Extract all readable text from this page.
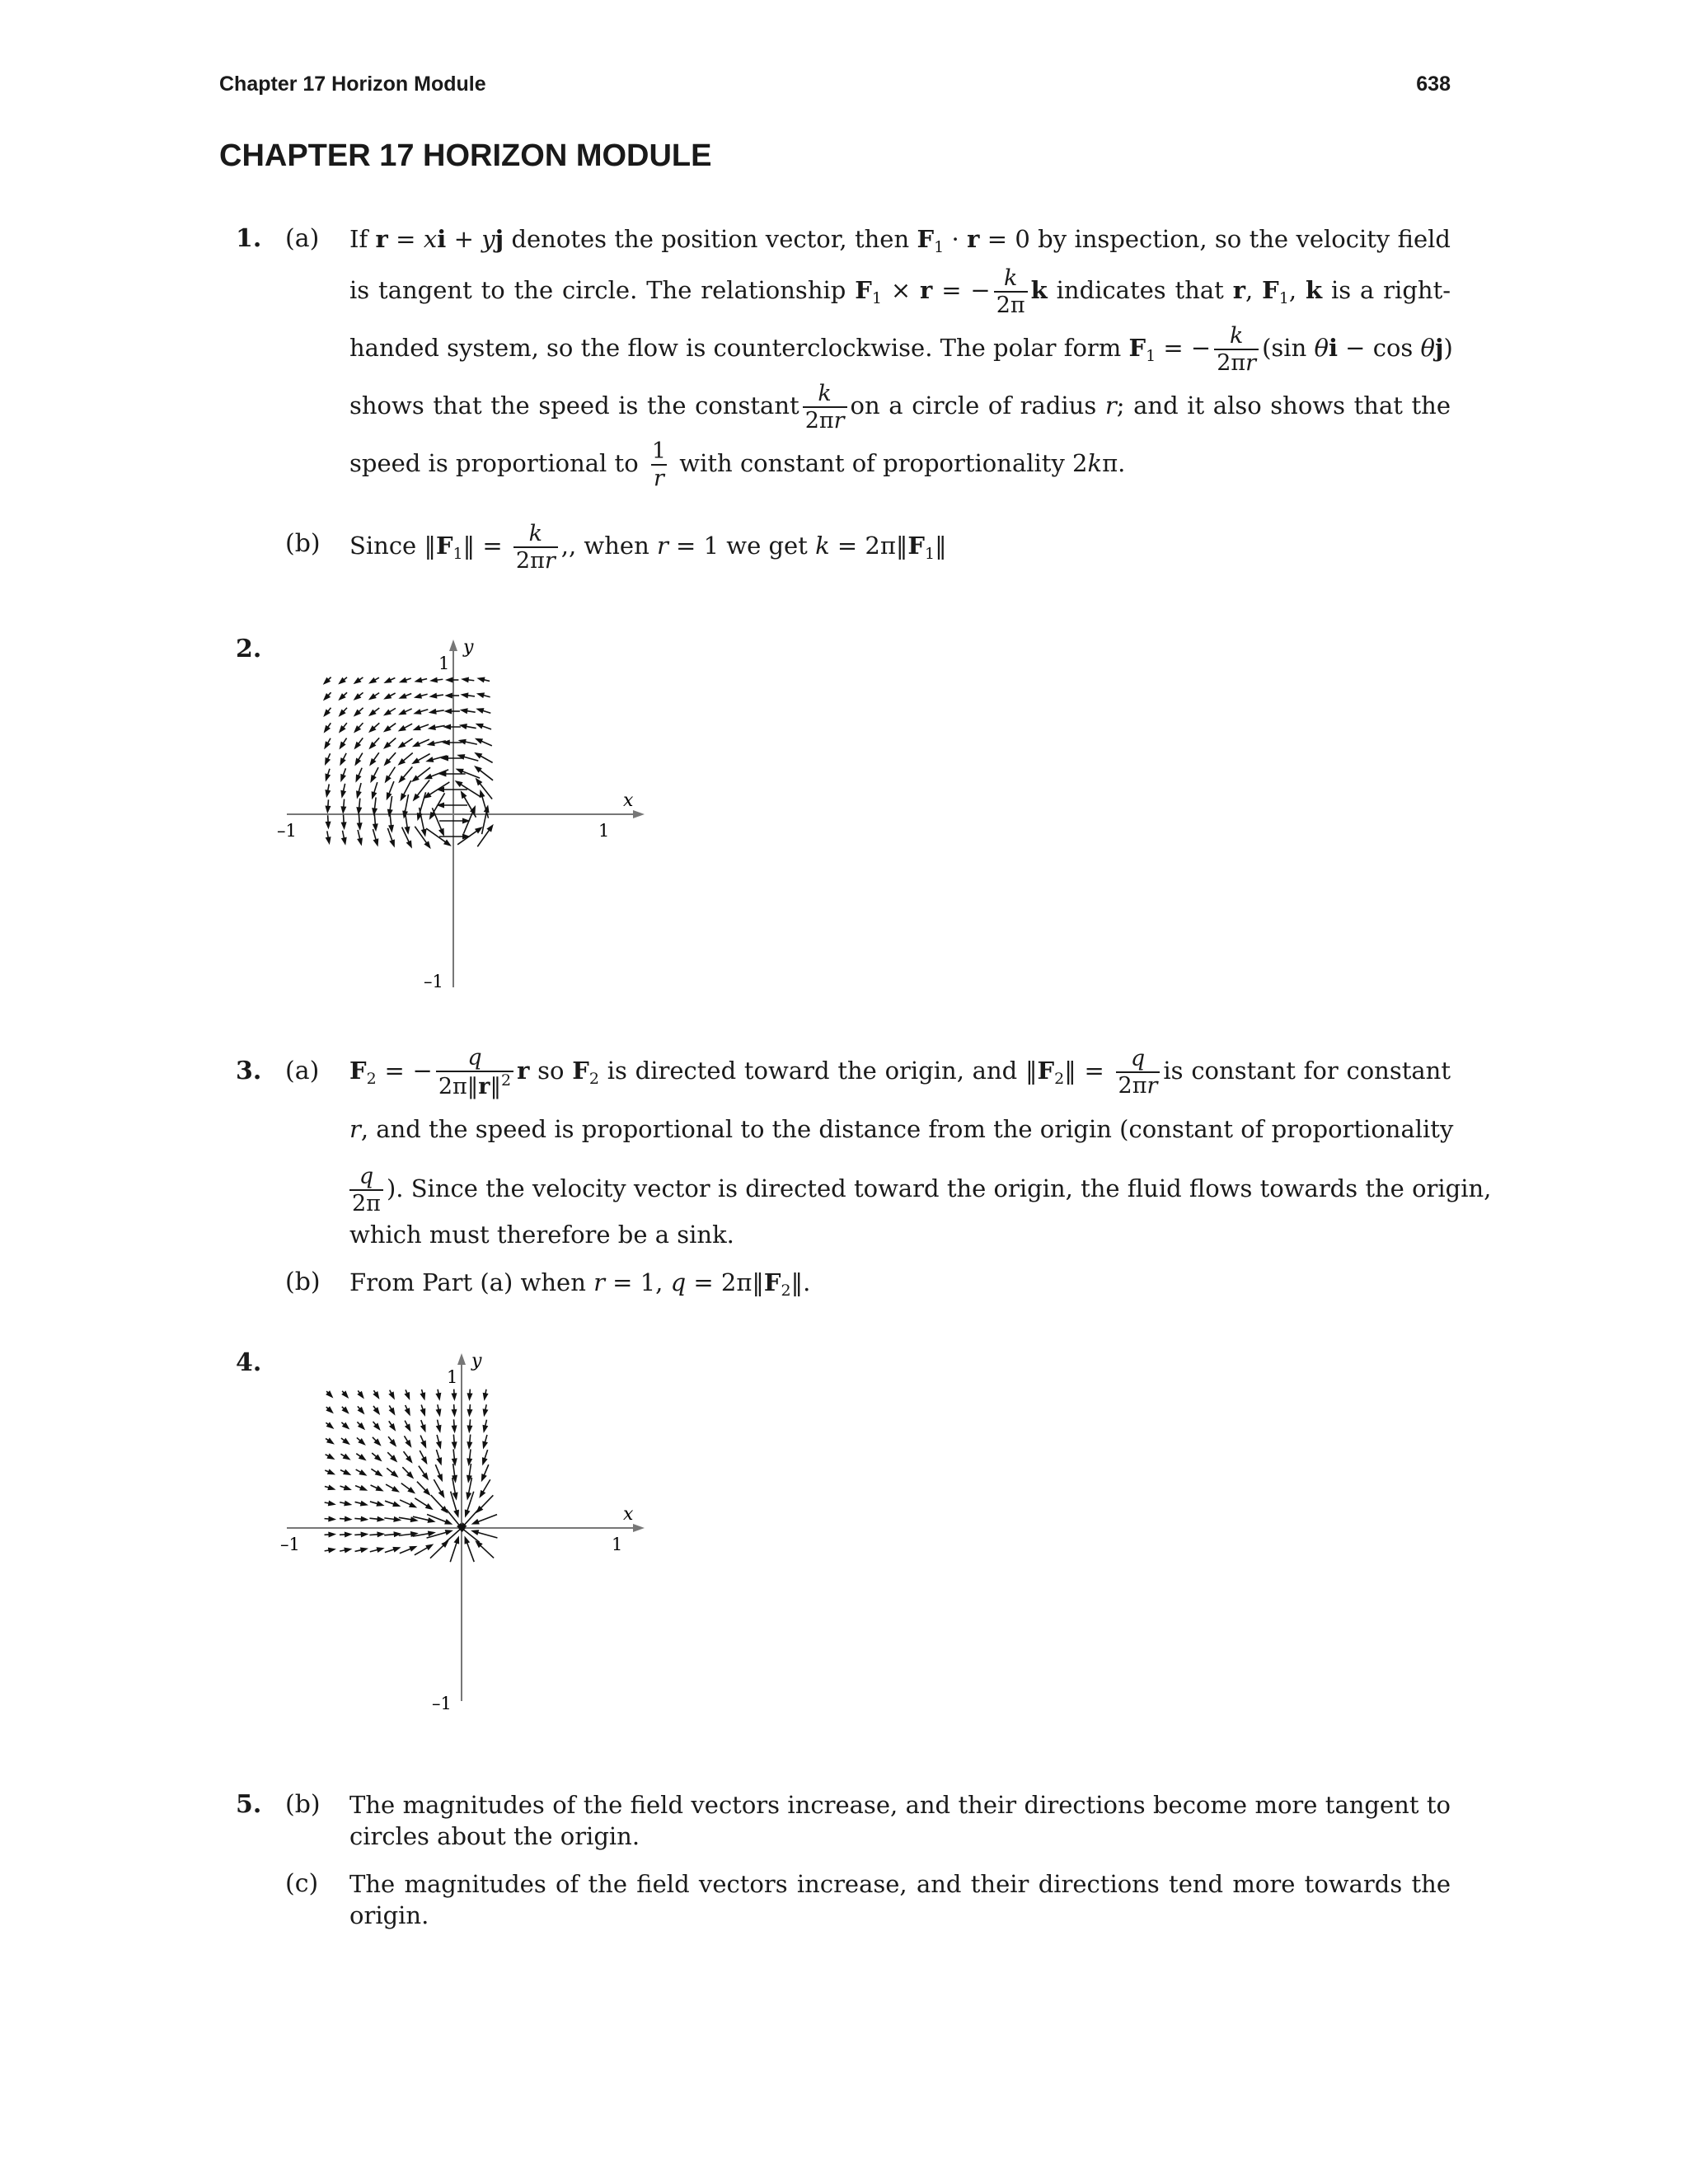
Chapter 17 Horizon Module	638
CHAPTER 17 HORIZON MODULE
1. (a) If r = xi + yj denotes the position vector, then $F_1 \cdot r = 0$ by inspection, so the velocity field
is tangent to the circle. The relationship $F_1 \times r$ = − $\frac{k}{2\pi}$ k indicates that r, $F_1$, k is a right-
handed system, so the flow is counterclockwise. The polar form $F_1$ = − $\frac{k}{2\pi r} (\sin$ θi − cos θj)
shows that the speed is the constant $\frac{k}{2\pi r}$ on a circle of radius r; and it also shows that the
speed is proportional to $\frac{1}{r}$ with constant of proportionality 2kπ.
(b) Since $‖F_1‖ = \frac{k}{2\pi r}$ ,, when r = 1 we get $k = 2\pi‖F_1‖$
2.	y
x
1
1
–1
–1
3. (a) $F_2$ = − $\frac{q}{2\pi‖r‖^2}$ r so $F_2$ is directed toward the origin, and $‖F_2‖ = \frac{q}{2\pi r}$ is constant for constant
r, and the speed is proportional to the distance from the origin (constant of proportionality
$\frac{q}{2\pi}$ ). Since the velocity vector is directed toward the origin, the fluid flows towards the origin,
which must therefore be a sink.
(b) From Part (a) when r = 1, $q = 2\pi‖F_2‖$.
4.	y
x
1
1
–1
–1
5. (b) The magnitudes of the field vectors increase, and their directions become more tangent to
circles about the origin.
(c) The magnitudes of the field vectors increase, and their directions tend more towards the
origin.
